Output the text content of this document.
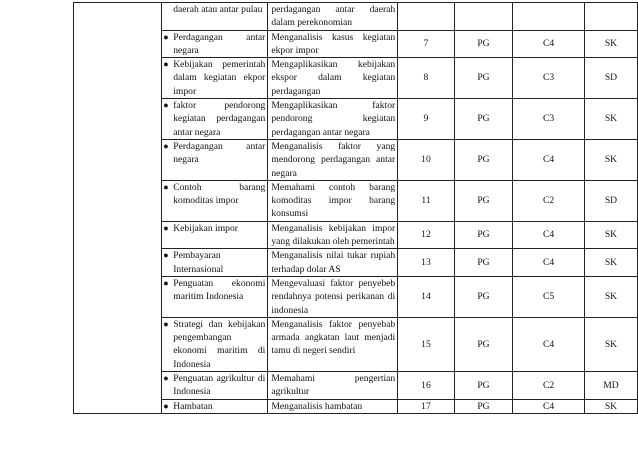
	daerah atau antar pulau	perdagangan antar daerah dalam perekonomian				

	● Perdagangan antar negara	Menganalisis kasus kegiatan ekpor impor	7	PG	C4	SK

	● Kebijakan pemerintah dalam kegiatan ekpor impor	Mengaplikasikan kebijakan ekspor dalam kegiatan perdagangan	8	PG	C3	SD

	● faktor pendorong kegiatan perdagangan antar negara	Mengaplikasikan faktor pendorong kegiatan perdagangan antar negara	9	PG	C3	SK

	● Perdagangan antar negara	Menganalisis faktor yang mendorong perdagangan antar negara	10	PG	C4	SK

	● Contoh barang komoditas impor	Memahami contoh barang komoditas impor barang konsumsi	11	PG	C2	SD

	● Kebijakan impor	Menganalisis kebijakan impor yang dilakukan oleh pemerintah	12	PG	C4	SK

	● Pembayaran Internasional	Menganalisis nilai tukar rupiah terhadap dolar AS	13	PG	C4	SK

	● Penguatan ekonomi maritim Indonesia	Mengevaluasi faktor penyebeb rendahnya potensi perikanan di indonesia	14	PG	C5	SK

	● Strategi dan kebijakan pengembangan ekonomi maritim di Indonesia	Menganalisis faktor penyebab armada angkatan laut menjadi tamu di negeri sendiri	15	PG	C4	SK

	● Penguatan agrikultur di Indonesia	Memahami pengertian agrikultur	16	PG	C2	MD

	● Hambatan	Menganalisis hambatan	17	PG	C4	SK
